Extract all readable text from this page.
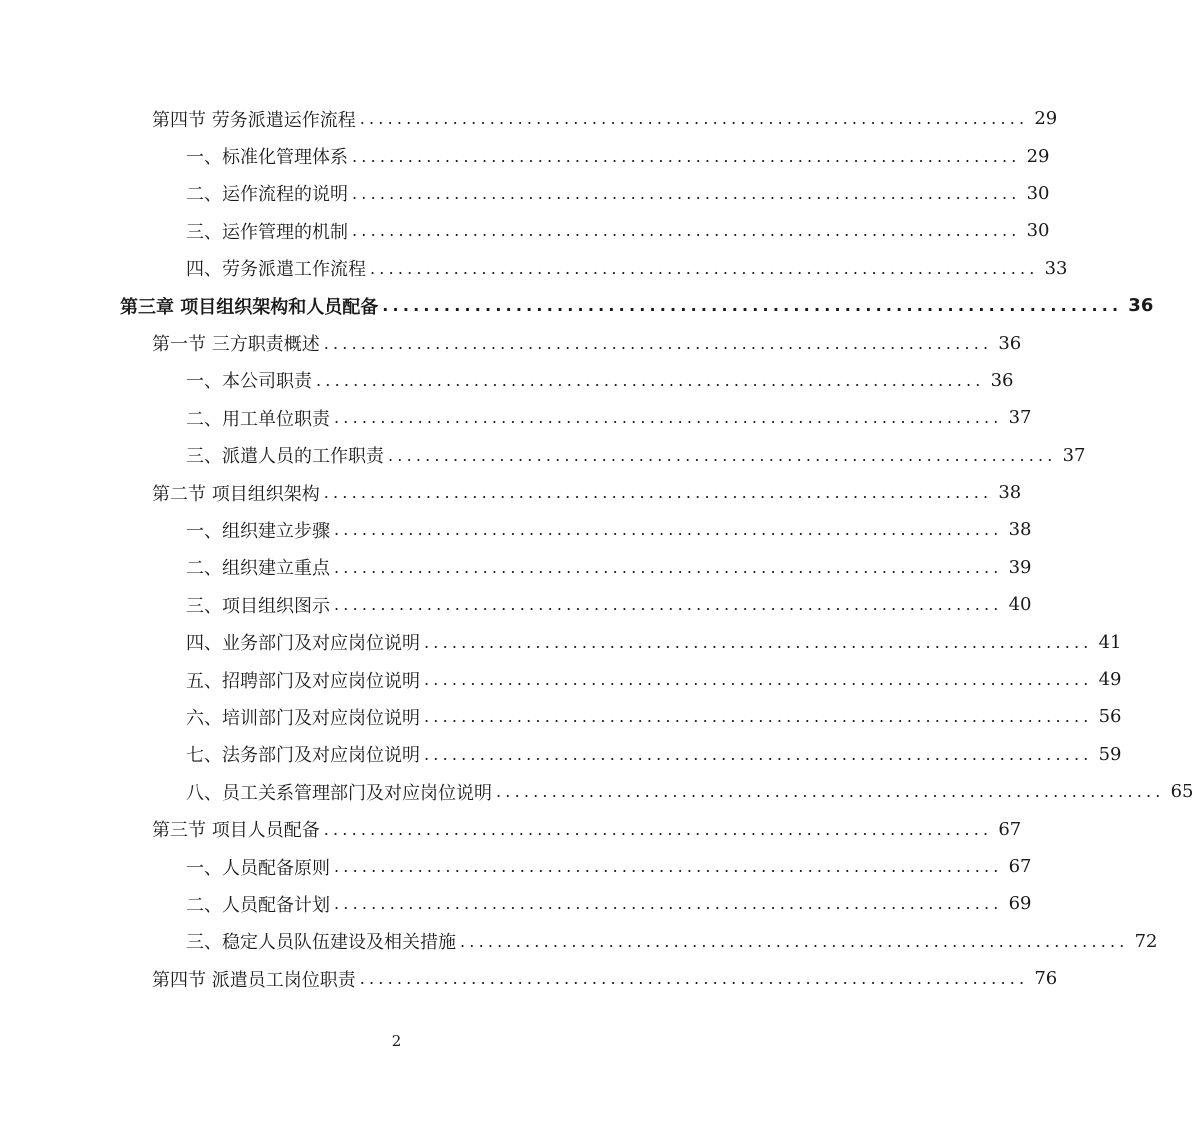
第四节 劳务派遣运作流程 ........................................................................ 29
一、标准化管理体系 ........................................................................ 29
二、运作流程的说明 ........................................................................ 30
三、运作管理的机制 ........................................................................ 30
四、劳务派遣工作流程 ........................................................................ 33
第三章 项目组织架构和人员配备 ........................................................................ 36
第一节 三方职责概述 ........................................................................ 36
一、本公司职责 ........................................................................ 36
二、用工单位职责 ........................................................................ 37
三、派遣人员的工作职责 ........................................................................ 37
第二节 项目组织架构 ........................................................................ 38
一、组织建立步骤 ........................................................................ 38
二、组织建立重点 ........................................................................ 39
三、项目组织图示 ........................................................................ 40
四、业务部门及对应岗位说明 ........................................................................ 41
五、招聘部门及对应岗位说明 ........................................................................ 49
六、培训部门及对应岗位说明 ........................................................................ 56
七、法务部门及对应岗位说明 ........................................................................ 59
八、员工关系管理部门及对应岗位说明 ........................................................................ 65
第三节 项目人员配备 ........................................................................ 67
一、人员配备原则 ........................................................................ 67
二、人员配备计划 ........................................................................ 69
三、稳定人员队伍建设及相关措施 ........................................................................ 72
第四节 派遣员工岗位职责 ........................................................................ 76
2
